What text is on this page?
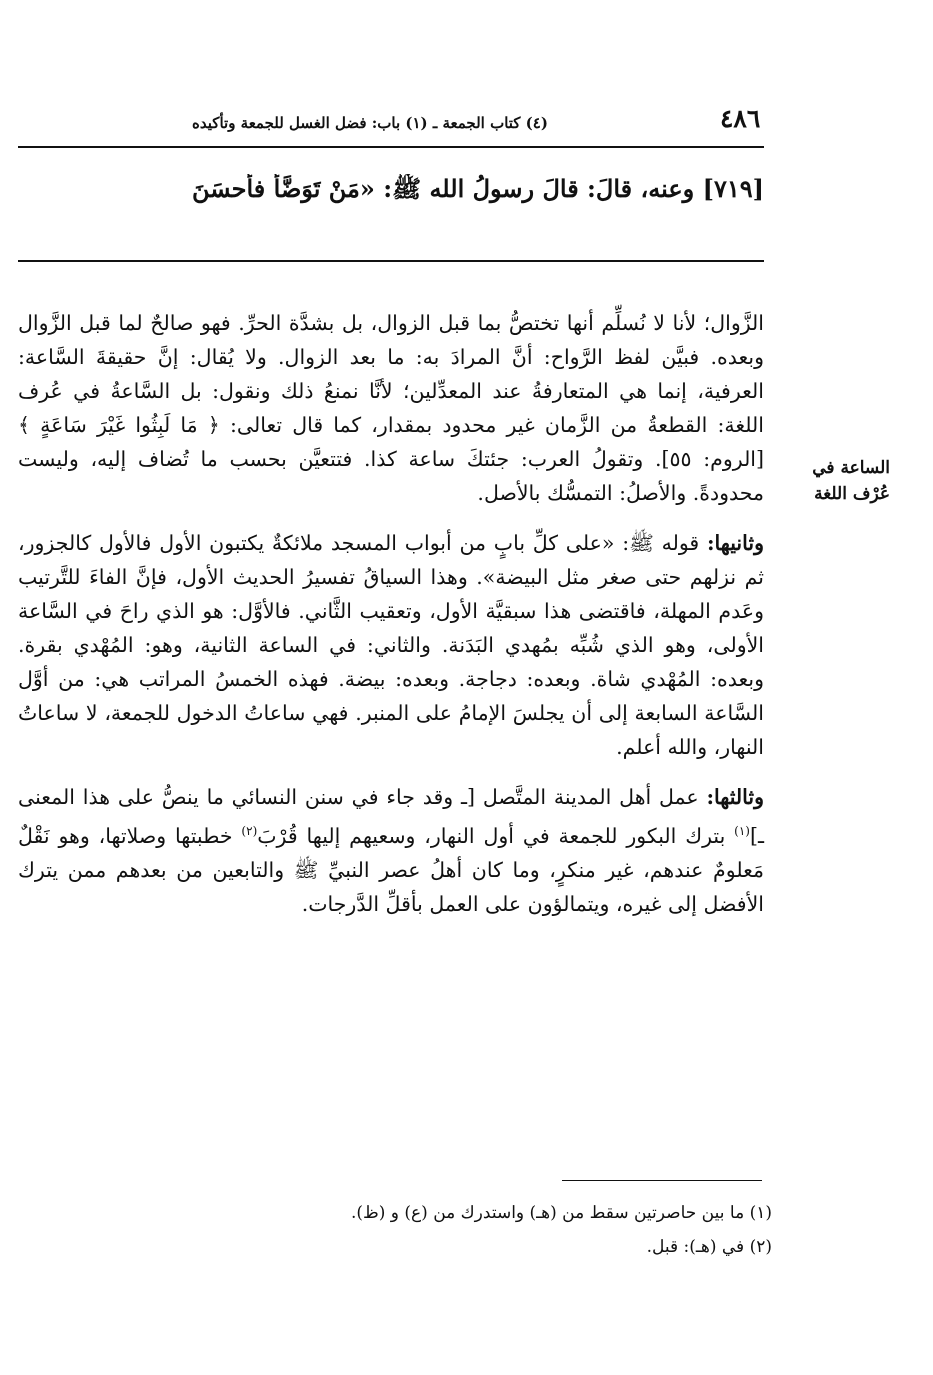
٤٨٦
(٤) كتاب الجمعة ـ (١) باب: فضل الغسل للجمعة وتأكيده
[٧١٩] وعنه، قالَ: قالَ رسولُ الله ﷺ: «مَنْ تَوَضَّأَ فأحسَنَ
الساعة في
عُرْف اللغة

الزَّوال؛ لأنا لا نُسلِّم أنها تختصُّ بما قبل الزوال، بل بشدَّة الحرِّ. فهو صالحٌ لما قبل الزَّوال وبعده. فبيَّن لفظ الرَّواح: أنَّ المرادَ به: ما بعد الزوال. ولا يُقال: إنَّ حقيقةَ السَّاعة: العرفية، إنما هي المتعارفةُ عند المعدِّلين؛ لأنَّا نمنعُ ذلك ونقول: بل السَّاعةُ في عُرف اللغة: القطعةُ من الزَّمان غير محدود بمقدار، كما قال تعالى: ﴿ مَا لَبِثُوا غَيْرَ سَاعَةٍ ﴾ [الروم: ٥٥]. وتقولُ العرب: جئتكَ ساعة كذا. فتتعيَّن بحسب ما تُضاف إليه، وليست محدودةً. والأصلُ: التمسُّك بالأصل.

وثانيها: قوله ﷺ: «على كلِّ بابٍ من أبواب المسجد ملائكةٌ يكتبون الأول فالأول كالجزور، ثم نزلهم حتى صغر مثل البيضة». وهذا السياقُ تفسيرُ الحديث الأول، فإنَّ الفاءَ للتَّرتيب وعَدم المهلة، فاقتضى هذا سبقيَّة الأول، وتعقيب الثَّاني. فالأوَّل: هو الذي راحَ في السَّاعة الأولى، وهو الذي شُبِّه بمُهدي البَدَنة. والثاني: في الساعة الثانية، وهو: المُهْدي بقرة. وبعده: المُهْدي شاة. وبعده: دجاجة. وبعده: بيضة. فهذه الخمسُ المراتب هي: من أوَّل السَّاعة السابعة إلى أن يجلسَ الإمامُ على المنبر. فهي ساعاتُ الدخول للجمعة، لا ساعاتُ النهار، والله أعلم.

وثالثها: عمل أهل المدينة المتَّصل [ـ وقد جاء في سنن النسائي ما ينصُّ على هذا المعنى ـ]$^{(١)}$ بترك البكور للجمعة في أول النهار، وسعيهم إليها قُرْبَ$^{(٢)}$ خطبتها وصلاتها، وهو نَقْلٌ مَعلومٌ عندهم، غير منكرٍ، وما كان أهلُ عصر النبيِّ ﷺ والتابعين من بعدهم ممن يترك الأفضل إلى غيره، ويتمالؤون على العمل بأقلِّ الدَّرجات.

(١) ما بين حاصرتين سقط من (هـ) واستدرك من (ع) و (ظ).
(٢) في (هـ): قبل.
